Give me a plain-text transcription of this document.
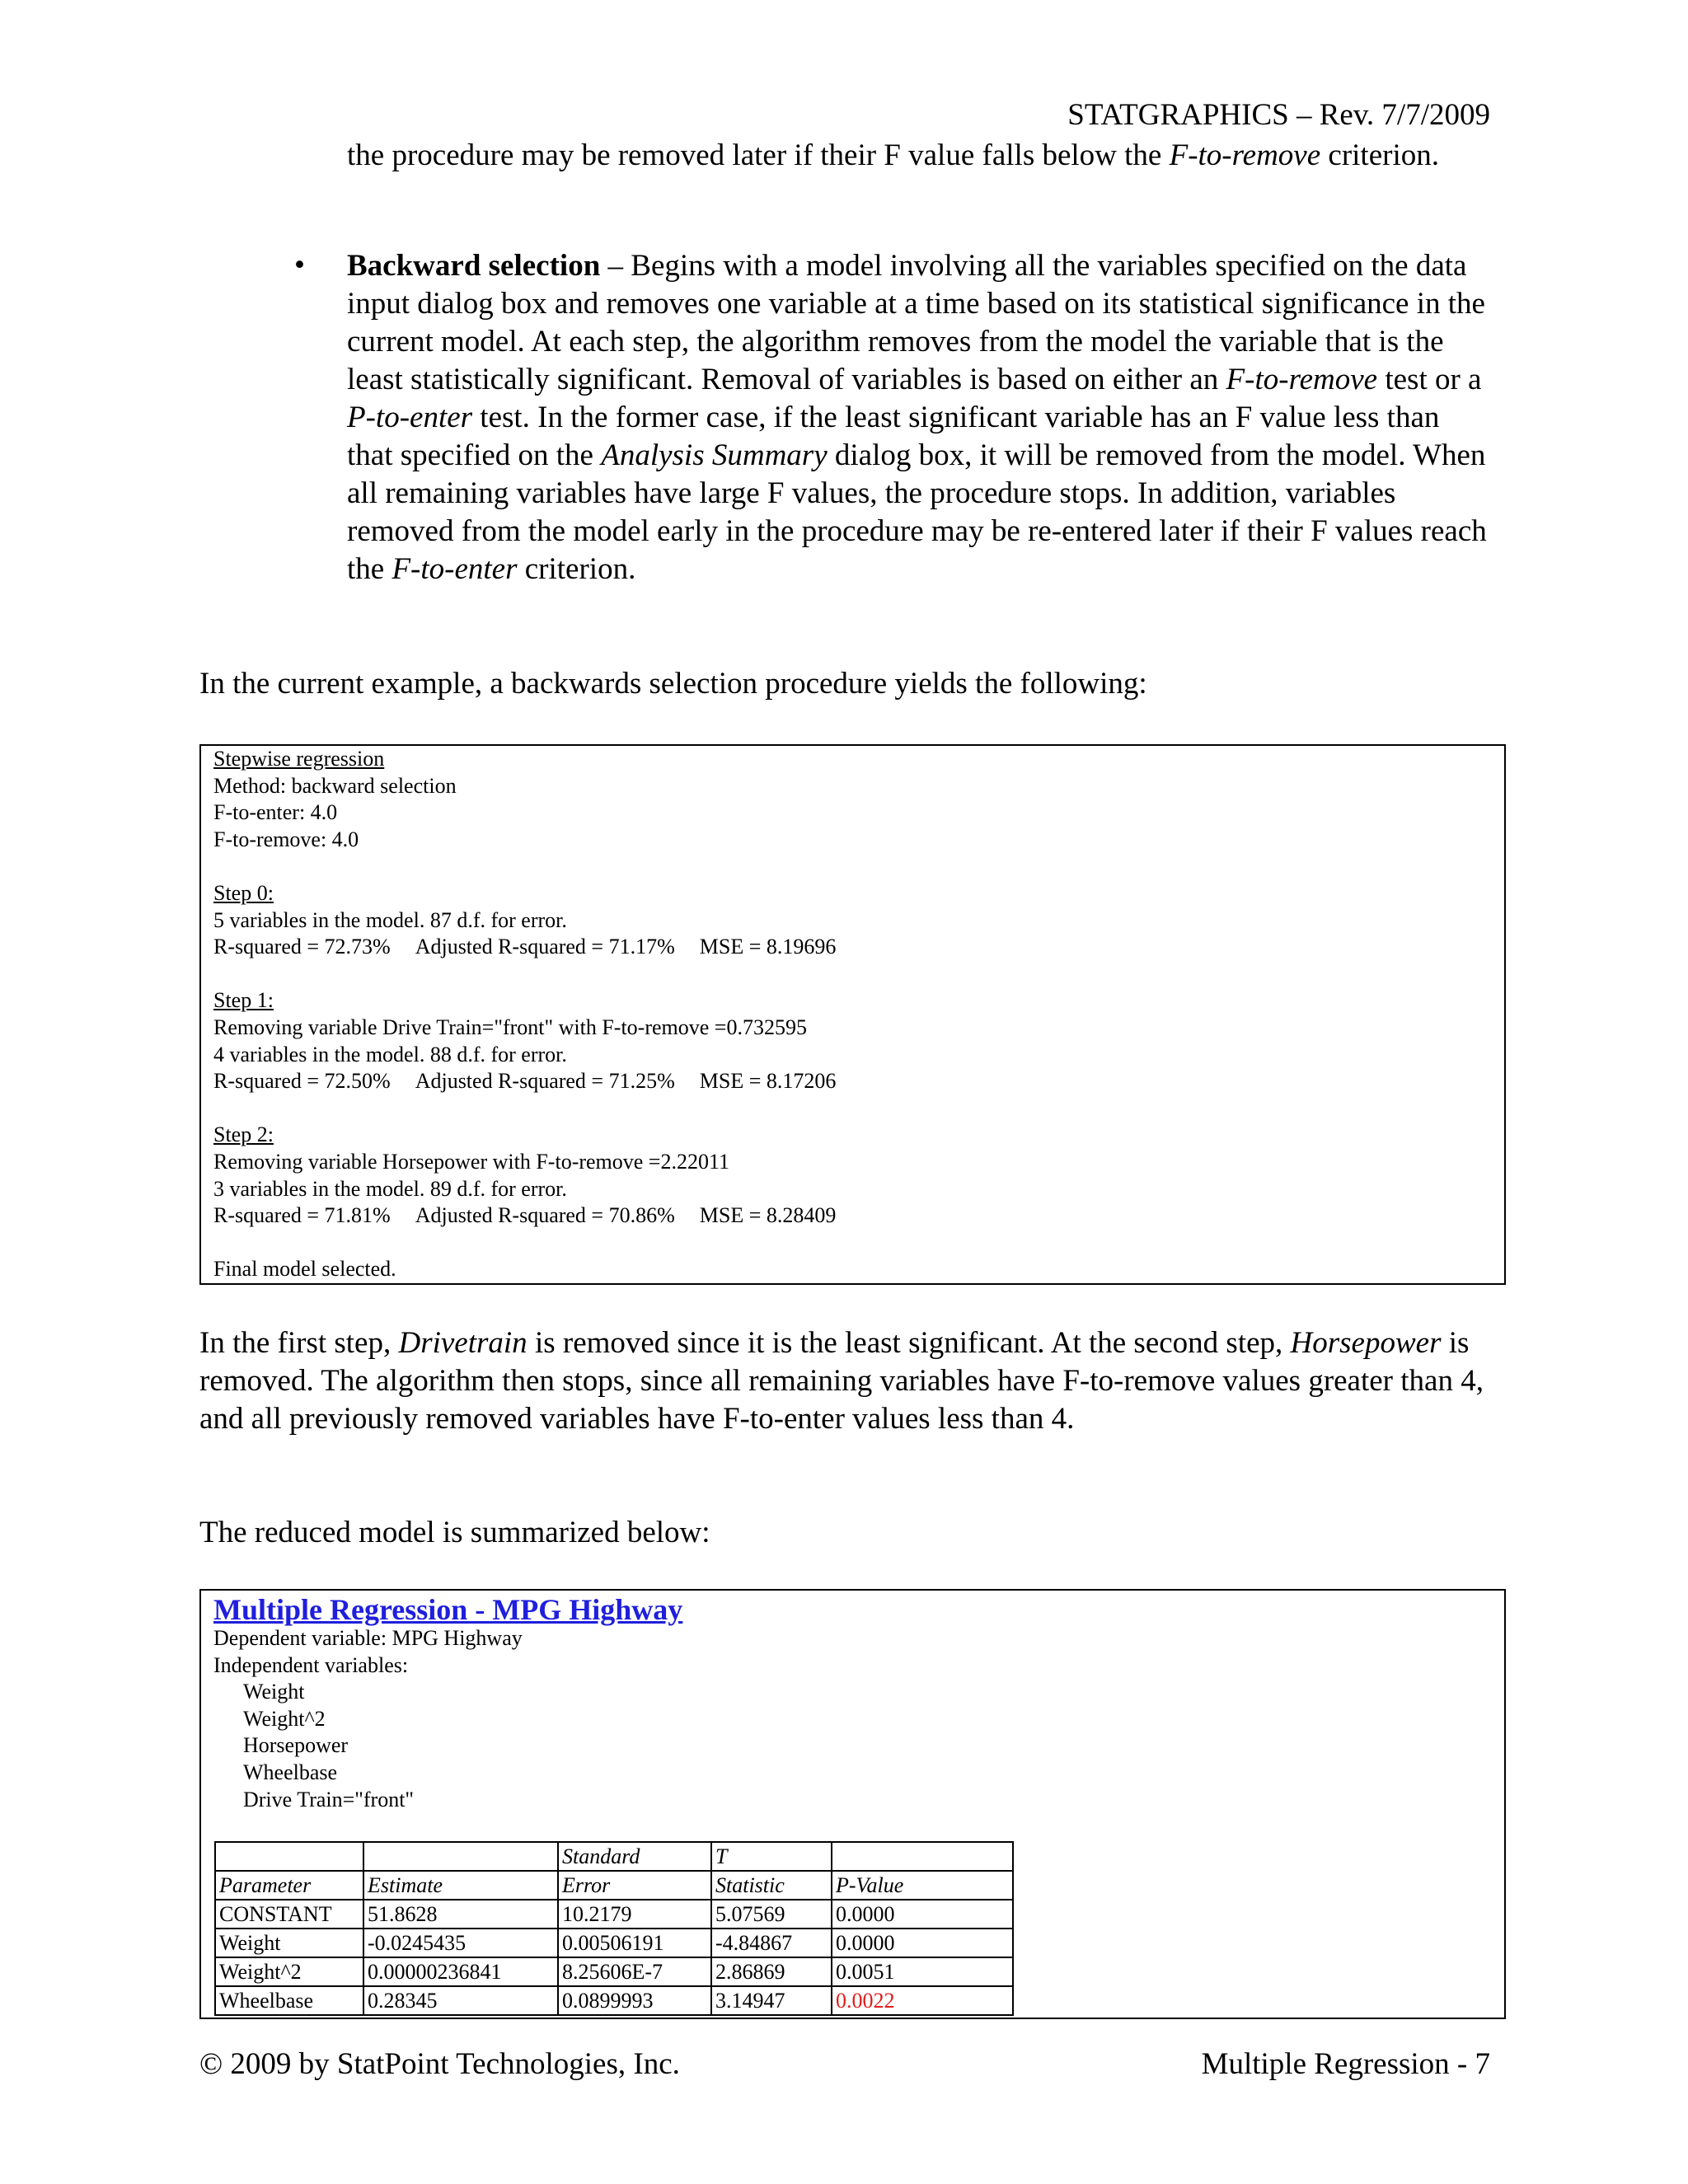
STATGRAPHICS – Rev. 7/7/2009
the procedure may be removed later if their F value falls below the F-to-remove criterion.
• Backward selection – Begins with a model involving all the variables specified on the data input dialog box and removes one variable at a time based on its statistical significance in the current model. At each step, the algorithm removes from the model the variable that is the least statistically significant. Removal of variables is based on either an F-to-remove test or a P-to-enter test. In the former case, if the least significant variable has an F value less than that specified on the Analysis Summary dialog box, it will be removed from the model. When all remaining variables have large F values, the procedure stops. In addition, variables removed from the model early in the procedure may be re-entered later if their F values reach the F-to-enter criterion.
In the current example, a backwards selection procedure yields the following:
Stepwise regression
Method: backward selection
F-to-enter: 4.0
F-to-remove: 4.0
Step 0:
5 variables in the model. 87 d.f. for error.
R-squared = 72.73% Adjusted R-squared = 71.17% MSE = 8.19696
Step 1:
Removing variable Drive Train="front" with F-to-remove =0.732595
4 variables in the model. 88 d.f. for error.
R-squared = 72.50% Adjusted R-squared = 71.25% MSE = 8.17206
Step 2:
Removing variable Horsepower with F-to-remove =2.22011
3 variables in the model. 89 d.f. for error.
R-squared = 71.81% Adjusted R-squared = 70.86% MSE = 8.28409
Final model selected.
In the first step, Drivetrain is removed since it is the least significant. At the second step, Horsepower is removed. The algorithm then stops, since all remaining variables have F-to-remove values greater than 4, and all previously removed variables have F-to-enter values less than 4.
The reduced model is summarized below:
Multiple Regression - MPG Highway
Dependent variable: MPG Highway
Independent variables:
Weight
Weight^2
Horsepower
Wheelbase
Drive Train="front"
		Standard	T	
Parameter	Estimate	Error	Statistic	P-Value
CONSTANT	51.8628	10.2179	5.07569	0.0000
Weight	-0.0245435	0.00506191	-4.84867	0.0000
Weight^2	0.00000236841	8.25606E-7	2.86869	0.0051
Wheelbase	0.28345	0.0899993	3.14947	0.0022
© 2009 by StatPoint Technologies, Inc.	Multiple Regression - 7
